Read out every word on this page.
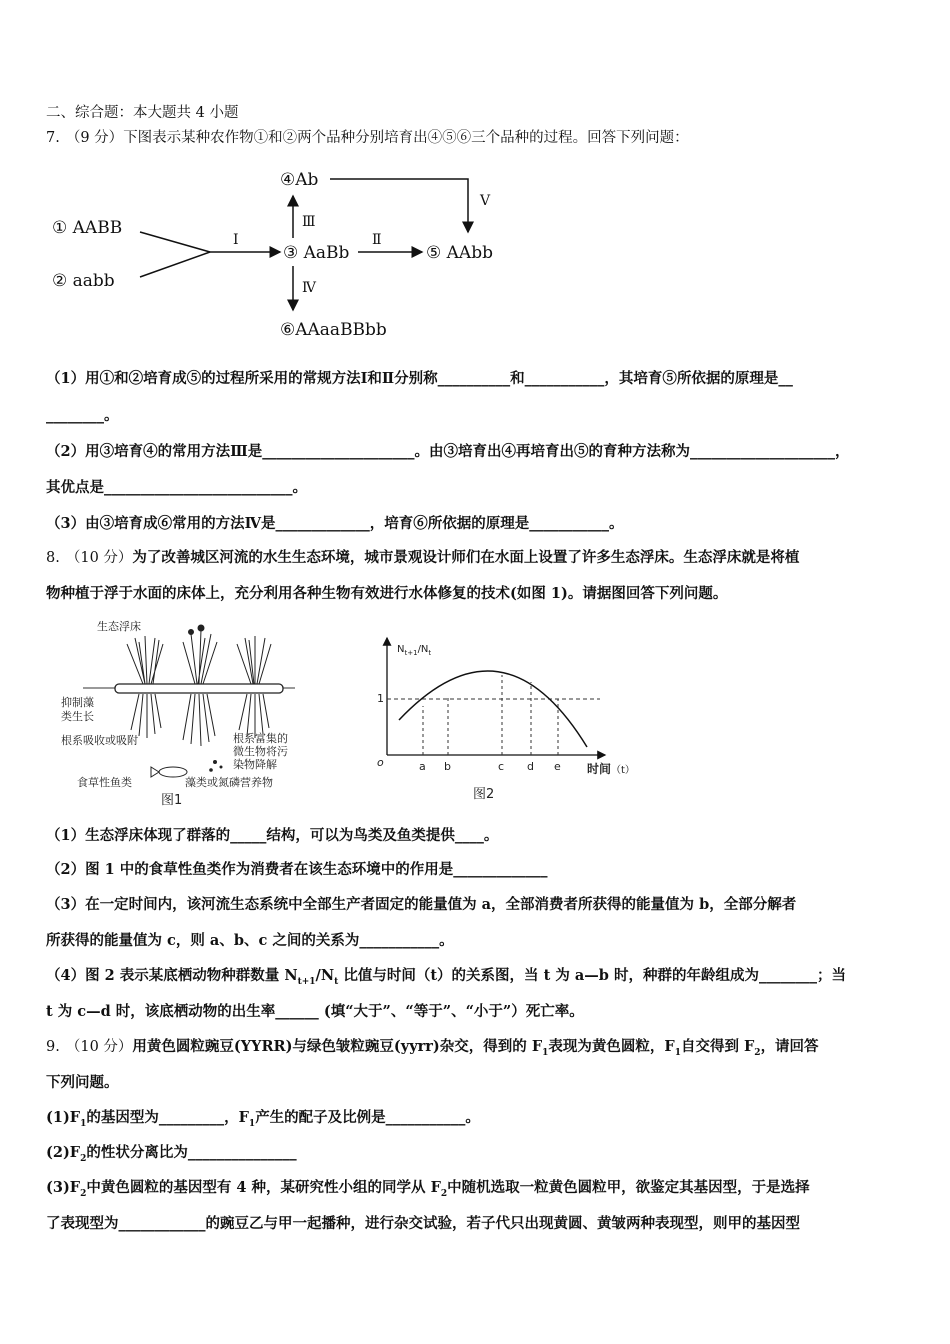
二、综合题：本大题共 4 小题
7. （9 分）下图表示某种农作物①和②两个品种分别培育出④⑤⑥三个品种的过程。回答下列问题：
① AABB
② aabb
Ⅰ
③ AaBb
Ⅱ
⑤ AAbb
Ⅲ
④Ab
Ⅴ
Ⅳ
⑥AAaaBBbb
（1）用①和②培育成⑤的过程所采用的常规方法Ⅰ和Ⅱ分别称__________和___________，其培育⑤所依据的原理是__
________。
（2）用③培育④的常用方法Ⅲ是_____________________。由③培育出④再培育出⑤的育种方法称为____________________，
其优点是__________________________。
（3）由③培育成⑥常用的方法Ⅳ是_____________，培育⑥所依据的原理是___________。
8. （10 分）为了改善城区河流的水生生态环境，城市景观设计师们在水面上设置了许多生态浮床。生态浮床就是将植
物种植于浮于水面的床体上，充分利用各种生物有效进行水体修复的技术(如图 1)。请据图回答下列问题。
生态浮床
抑制藻
类生长
根系吸收或吸附	根系富集的
微生物将污
染物降解
食草性鱼类	藻类或氮磷营养物
图1
$N_{t+1}/N_t$
1
o	a b	c d e 时间（t）
图2
（1）生态浮床体现了群落的_____结构，可以为鸟类及鱼类提供____。
（2）图 1 中的食草性鱼类作为消费者在该生态环境中的作用是_____________
（3）在一定时间内，该河流生态系统中全部生产者固定的能量值为 a，全部消费者所获得的能量值为 b，全部分解者
所获得的能量值为 c，则 a、b、c 之间的关系为___________。
（4）图 2 表示某底栖动物种群数量 $N_{t+1}/N_t$ 比值与时间（t）的关系图，当 t 为 a—b 时，种群的年龄组成为________；当
t 为 c—d 时，该底栖动物的出生率______ (填“大于”、“等于”、“小于”）死亡率。
9. （10 分）用黄色圆粒豌豆(YYRR)与绿色皱粒豌豆(yyrr)杂交，得到的 $F_1$表现为黄色圆粒，$F_1$自交得到 $F_2$，请回答
下列问题。
$(1)F_1$的基因型为_________，$F_1$产生的配子及比例是___________。
$(2)F_2$的性状分离比为_______________
$(3)F_2$中黄色圆粒的基因型有 4 种，某研究性小组的同学从 $F_2$中随机选取一粒黄色圆粒甲，欲鉴定其基因型，于是选择
了表现型为____________的豌豆乙与甲一起播种，进行杂交试验，若子代只出现黄圆、黄皱两种表现型，则甲的基因型
